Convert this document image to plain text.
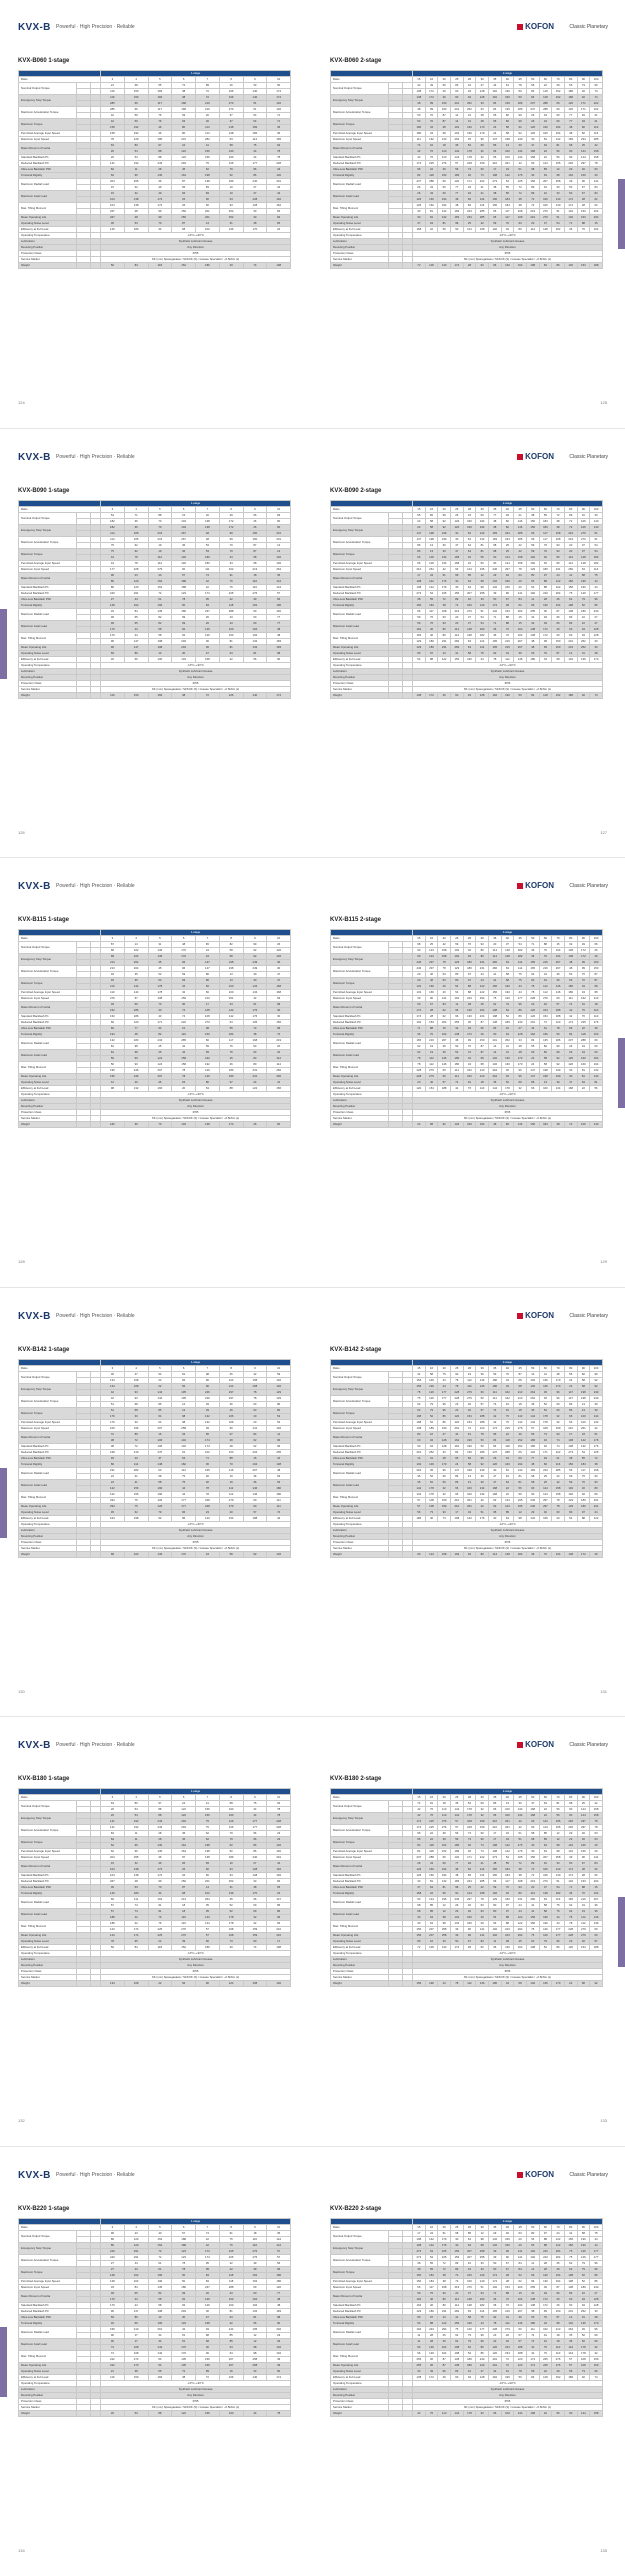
KVX-B Powerful · High Precision · Reliable	KOFON	Classic Planetary
KVX-B060 1-stage
			1-stage							
Ratio			3	4	5	6	7	8	9	10
Nominal Output Torque			21	38	55	72	89	16	33	50
			116	150	184	38	72	106	140	174
Emergency Stop Torque			116	150	184	38	72	106	140	174
			285	66	117	168	219	270	51	102
Maximum Acceleration Torque			285	66	117	168	219	270	51	102
			42	59	76	93	20	37	54	71
Maximum Torque			42	59	76	93	20	37	54	71
			158	192	46	80	114	148	182	36
Permitted Average Input Speed			158	192	46	80	114	148	182	36
Maximum Input Speed			78	129	180	231	282	63	114	165
Mass Moment of Inertia			63	80	97	24	41	58	75	92
			20	54	88	122	156	190	44	78
Standard Backlash P1			20	54	88	122	156	190	44	78
Reduced Backlash P0			141	192	243	294	75	126	177	228
Ultra-Low Backlash P00			84	11	28	45	62	79	96	23
Torsional Rigidity			62	96	130	164	198	52	86	120
Maximum Radial Load			204	255	36	87	138	189	240	291
			15	32	49	66	83	10	27	44
Maximum Axial Load			15	32	49	66	83	10	27	44
			104	138	172	26	60	94	128	162
Max. Tilting Moment			104	138	172	26	60	94	128	162
			267	48	99	150	201	252	33	84
Mean Operating Life			267	48	99	150	201	252	33	84
Operating Noise Level			36	53	70	87	14	31	48	65
Efficiency at Full Load			146	180	34	68	102	136	170	24
Operating Temperature			-10°C~+90°C							
Lubrication			Synthetic Lubricant Grease							
Mounting Position			Any Direction							
Protection Class			IP65							
Service Marker			SK (mm) Sparegaskets / SKKOK (S) / Grease Specialist / ~0.5kNm (s)							
Weight			50	84	118	152	186	40	74	108
KVX-B060 2-stage
			2-stage														
Ratio			15	16	20	25	28	30	35	40	45	50	60	70	80	90	100
Nominal Output Torque			32	49	66	83	10	27	44	61	78	95	22	39	56	73	90
			138	172	26	60	94	128	162	196	50	84	118	152	186	40	74
Emergency Stop Torque			138	172	26	60	94	128	162	196	50	84	118	152	186	40	74
			48	99	150	201	252	33	84	135	186	237	288	69	120	171	222
Maximum Acceleration Torque			48	99	150	201	252	33	84	135	186	237	288	69	120	171	222
			53	70	87	14	31	48	65	82	99	26	43	60	77	94	21
Maximum Torque			53	70	87	14	31	48	65	82	99	26	43	60	77	94	21
			180	34	68	102	136	170	24	58	92	126	160	194	48	82	116
Permitted Average Input Speed			180	34	68	102	136	170	24	58	92	126	160	194	48	82	116
Maximum Input Speed			111	162	213	264	45	96	147	198	249	30	81	132	183	234	285
Mass Moment of Inertia			74	91	18	35	52	69	86	13	30	47	64	81	98	25	42
			42	76	110	144	178	32	66	100	134	168	22	56	90	124	158
Standard Backlash P1			42	76	110	144	178	32	66	100	134	168	22	56	90	124	158
Reduced Backlash P0			174	225	276	57	108	159	210	261	42	93	144	195	246	297	78
Ultra-Low Backlash P00			95	22	39	56	73	90	17	34	51	68	85	12	29	46	63
Torsional Rigidity			84	118	152	186	40	74	108	142	176	30	64	98	132	166	20
Maximum Radial Load			237	288	69	120	171	222	273	54	105	156	207	258	39	90	141
			26	43	60	77	94	21	38	55	72	89	16	33	50	67	84
Maximum Axial Load			26	43	60	77	94	21	38	55	72	89	16	33	50	67	84
			126	160	194	48	82	116	150	184	38	72	106	140	174	28	62
Max. Tilting Moment			126	160	194	48	82	116	150	184	38	72	106	140	174	28	62
			30	81	132	183	234	285	66	117	168	219	270	51	102	153	204
Mean Operating Life			30	81	132	183	234	285	66	117	168	219	270	51	102	153	204
Operating Noise Level			47	64	81	98	25	42	59	76	93	20	37	54	71	88	15
Efficiency at Full Load			168	22	56	90	124	158	192	46	80	114	148	182	36	70	104
Operating Temperature			-10°C~+90°C														
Lubrication			Synthetic Lubricant Grease														
Mounting Position			Any Direction														
Protection Class			IP65														
Service Marker			SK (mm) Sparegaskets / SKKOK (S) / Grease Specialist / ~0.5kNm (s)														
Weight			72	106	140	174	28	62	96	130	164	198	52	86	120	154	188
124	125
KVX-B Powerful · High Precision · Reliable	KOFON	Classic Planetary
KVX-B090 1-stage
			1-stage							
Ratio			3	4	5	6	7	8	9	10
Nominal Output Torque			54	71	88	15	32	49	66	83
			182	36	70	104	138	172	26	60
Emergency Stop Torque			182	36	70	104	138	172	26	60
			114	165	216	267	48	99	150	201
Maximum Acceleration Torque			114	165	216	267	48	99	150	201
			75	92	19	36	53	70	87	14
Maximum Torque			75	92	19	36	53	70	87	14
			44	78	112	146	180	34	68	102
Permitted Average Input Speed			44	78	112	146	180	34	68	102
Maximum Input Speed			177	228	279	60	111	162	213	264
Mass Moment of Inertia			96	23	40	57	74	91	18	35
			86	120	154	188	42	76	110	144
Standard Backlash P1			86	120	154	188	42	76	110	144
Reduced Backlash P0			240	291	72	123	174	225	276	57
Ultra-Low Backlash P00			27	44	61	78	95	22	39	56
Torsional Rigidity			128	162	196	50	84	118	152	186
Maximum Radial Load			33	84	135	186	237	288	69	120
			48	65	82	99	26	43	60	77
Maximum Axial Load			48	65	82	99	26	43	60	77
			170	24	58	92	126	160	194	48
Max. Tilting Moment			170	24	58	92	126	160	194	48
			96	147	198	249	30	81	132	183
Mean Operating Life			96	147	198	249	30	81	132	183
Operating Noise Level			69	86	13	30	47	64	81	98
Efficiency at Full Load			32	66	100	134	168	22	56	90
Operating Temperature			-10°C~+90°C							
Lubrication			Synthetic Lubricant Grease							
Mounting Position			Any Direction							
Protection Class			IP65							
Service Marker			SK (mm) Sparegaskets / SKKOK (S) / Grease Specialist / ~0.5kNm (s)							
Weight			116	150	184	38	72	106	140	174
KVX-B090 2-stage
			2-stage														
Ratio			15	16	20	25	28	30	35	40	45	50	60	70	80	90	100
Nominal Output Torque			65	82	99	26	43	60	77	94	21	38	55	72	89	16	33
			24	58	92	126	160	194	48	82	116	150	184	38	72	106	140
Emergency Stop Torque			24	58	92	126	160	194	48	82	116	150	184	38	72	106	140
			147	198	249	30	81	132	183	234	285	66	117	168	219	270	51
Maximum Acceleration Torque			147	198	249	30	81	132	183	234	285	66	117	168	219	270	51
			86	13	30	47	64	81	98	25	42	59	76	93	20	37	54
Maximum Torque			86	13	30	47	64	81	98	25	42	59	76	93	20	37	54
			66	100	134	168	22	56	90	124	158	192	46	80	114	148	182
Permitted Average Input Speed			66	100	134	168	22	56	90	124	158	192	46	80	114	148	182
Maximum Input Speed			210	261	42	93	144	195	246	297	78	129	180	231	282	63	114
Mass Moment of Inertia			17	34	51	68	85	12	29	46	63	80	97	24	41	58	75
			108	142	176	30	64	98	132	166	20	54	88	122	156	190	44
Standard Backlash P1			108	142	176	30	64	98	132	166	20	54	88	122	156	190	44
Reduced Backlash P0			273	54	105	156	207	258	39	90	141	192	243	294	75	126	177
Ultra-Low Backlash P00			38	55	72	89	16	33	50	67	84	11	28	45	62	79	96
Torsional Rigidity			150	184	38	72	106	140	174	28	62	96	130	164	198	52	86
Maximum Radial Load			66	117	168	219	270	51	102	153	204	255	36	87	138	189	240
			59	76	93	20	37	54	71	88	15	32	49	66	83	10	27
Maximum Axial Load			59	76	93	20	37	54	71	88	15	32	49	66	83	10	27
			192	46	80	114	148	182	36	70	104	138	172	26	60	94	128
Max. Tilting Moment			192	46	80	114	148	182	36	70	104	138	172	26	60	94	128
			129	180	231	282	63	114	165	216	267	48	99	150	201	252	33
Mean Operating Life			129	180	231	282	63	114	165	216	267	48	99	150	201	252	33
Operating Noise Level			80	97	24	41	58	75	92	19	36	53	70	87	14	31	48
Efficiency at Full Load			54	88	122	156	190	44	78	112	146	180	34	68	102	136	170
Operating Temperature			-10°C~+90°C														
Lubrication			Synthetic Lubricant Grease														
Mounting Position			Any Direction														
Protection Class			IP65														
Service Marker			SK (mm) Sparegaskets / SKKOK (S) / Grease Specialist / ~0.5kNm (s)														
Weight			138	172	26	60	94	128	162	196	50	84	118	152	186	40	74
126	127
KVX-B Powerful · High Precision · Reliable	KOFON	Classic Planetary
KVX-B115 1-stage
			1-stage							
Ratio			3	4	5	6	7	8	9	10
Nominal Output Torque			87	14	31	48	65	82	99	26
			68	102	136	170	24	58	92	126
Emergency Stop Torque			68	102	136	170	24	58	92	126
			213	264	45	96	147	198	249	30
Maximum Acceleration Torque			213	264	45	96	147	198	249	30
			18	35	52	69	86	13	30	47
Maximum Torque			18	35	52	69	86	13	30	47
			110	144	178	32	66	100	134	168
Permitted Average Input Speed			110	144	178	32	66	100	134	168
Maximum Input Speed			276	57	108	159	210	261	42	93
Mass Moment of Inertia			39	56	73	90	17	34	51	68
			152	186	40	74	108	142	176	30
Standard Backlash P1			152	186	40	74	108	142	176	30
Reduced Backlash P0			69	120	171	222	273	54	105	156
Ultra-Low Backlash P00			60	77	94	21	38	55	72	89
Torsional Rigidity			194	48	82	116	150	184	38	72
Maximum Radial Load			132	183	234	285	66	117	168	219
			81	98	25	42	59	76	93	20
Maximum Axial Load			81	98	25	42	59	76	93	20
			56	90	124	158	192	46	80	114
Max. Tilting Moment			56	90	124	158	192	46	80	114
			195	246	297	78	129	180	231	282
Mean Operating Life			195	246	297	78	129	180	231	282
Operating Noise Level			12	29	46	63	80	97	24	41
Efficiency at Full Load			98	132	166	20	54	88	122	156
Operating Temperature			-10°C~+90°C							
Lubrication			Synthetic Lubricant Grease							
Mounting Position			Any Direction							
Protection Class			IP65							
Service Marker			SK (mm) Sparegaskets / SKKOK (S) / Grease Specialist / ~0.5kNm (s)							
Weight			182	36	70	104	138	172	26	60
KVX-B115 2-stage
			2-stage														
Ratio			15	16	20	25	28	30	35	40	45	50	60	70	80	90	100
Nominal Output Torque			98	25	42	59	76	93	20	37	54	71	88	15	32	49	66
			90	124	158	192	46	80	114	148	182	36	70	104	138	172	26
Emergency Stop Torque			90	124	158	192	46	80	114	148	182	36	70	104	138	172	26
			246	297	78	129	180	231	282	63	114	165	216	267	48	99	150
Maximum Acceleration Torque			246	297	78	129	180	231	282	63	114	165	216	267	48	99	150
			29	46	63	80	97	24	41	58	75	92	19	36	53	70	87
Maximum Torque			29	46	63	80	97	24	41	58	75	92	19	36	53	70	87
			132	166	20	54	88	122	156	190	44	78	112	146	180	34	68
Permitted Average Input Speed			132	166	20	54	88	122	156	190	44	78	112	146	180	34	68
Maximum Input Speed			39	90	141	192	243	294	75	126	177	228	279	60	111	162	213
Mass Moment of Inertia			50	67	84	11	28	45	62	79	96	23	40	57	74	91	18
			174	28	62	96	130	164	198	52	86	120	154	188	42	76	110
Standard Backlash P1			174	28	62	96	130	164	198	52	86	120	154	188	42	76	110
Reduced Backlash P0			102	153	204	255	36	87	138	189	240	291	72	123	174	225	276
Ultra-Low Backlash P00			71	88	15	32	49	66	83	10	27	44	61	78	95	22	39
Torsional Rigidity			36	70	104	138	172	26	60	94	128	162	196	50	84	118	152
Maximum Radial Load			165	216	267	48	99	150	201	252	33	84	135	186	237	288	69
			92	19	36	53	70	87	14	31	48	65	82	99	26	43	60
Maximum Axial Load			92	19	36	53	70	87	14	31	48	65	82	99	26	43	60
			78	112	146	180	34	68	102	136	170	24	58	92	126	160	194
Max. Tilting Moment			78	112	146	180	34	68	102	136	170	24	58	92	126	160	194
			228	279	60	111	162	213	264	45	96	147	198	249	30	81	132
Mean Operating Life			228	279	60	111	162	213	264	45	96	147	198	249	30	81	132
Operating Noise Level			23	40	57	74	91	18	35	52	69	86	13	30	47	64	81
Efficiency at Full Load			120	154	188	42	76	110	144	178	32	66	100	134	168	22	56
Operating Temperature			-10°C~+90°C														
Lubrication			Synthetic Lubricant Grease														
Mounting Position			Any Direction														
Protection Class			IP65														
Service Marker			SK (mm) Sparegaskets / SKKOK (S) / Grease Specialist / ~0.5kNm (s)														
Weight			24	58	92	126	160	194	48	82	116	150	184	38	72	106	140
128	129
KVX-B Powerful · High Precision · Reliable	KOFON	Classic Planetary
KVX-B142 1-stage
			1-stage							
Ratio			3	4	5	6	7	8	9	10
Nominal Output Torque			30	47	64	81	98	25	42	59
			134	168	22	56	90	124	158	192
Emergency Stop Torque			134	168	22	56	90	124	158	192
			42	93	144	195	246	297	78	129
Maximum Acceleration Torque			42	93	144	195	246	297	78	129
			51	68	85	12	29	46	63	80
Maximum Torque			51	68	85	12	29	46	63	80
			176	30	64	98	132	166	20	54
Permitted Average Input Speed			176	30	64	98	132	166	20	54
Maximum Input Speed			105	156	207	258	39	90	141	192
Mass Moment of Inertia			72	89	16	33	50	67	84	11
			38	72	106	140	174	28	62	96
Standard Backlash P1			38	72	106	140	174	28	62	96
Reduced Backlash P0			168	219	270	51	102	153	204	255
Ultra-Low Backlash P00			93	20	37	54	71	88	15	32
Torsional Rigidity			80	114	148	182	36	70	104	138
Maximum Radial Load			231	282	63	114	165	216	267	48
			24	41	58	75	92	19	36	53
Maximum Axial Load			24	41	58	75	92	19	36	53
			122	156	190	44	78	112	146	180
Max. Tilting Moment			122	156	190	44	78	112	146	180
			294	75	126	177	228	279	60	111
Mean Operating Life			294	75	126	177	228	279	60	111
Operating Noise Level			45	62	79	96	23	40	57	74
Efficiency at Full Load			164	198	52	86	120	154	188	42
Operating Temperature			-10°C~+90°C							
Lubrication			Synthetic Lubricant Grease							
Mounting Position			Any Direction							
Protection Class			IP65							
Service Marker			SK (mm) Sparegaskets / SKKOK (S) / Grease Specialist / ~0.5kNm (s)							
Weight			68	102	136	170	24	58	92	126
KVX-B142 2-stage
			2-stage														
Ratio			15	16	20	25	28	30	35	40	45	50	60	70	80	90	100
Nominal Output Torque			41	58	75	92	19	36	53	70	87	14	31	48	65	82	99
			156	190	44	78	112	146	180	34	68	102	136	170	24	58	92
Emergency Stop Torque			156	190	44	78	112	146	180	34	68	102	136	170	24	58	92
			75	126	177	228	279	60	111	162	213	264	45	96	147	198	249
Maximum Acceleration Torque			75	126	177	228	279	60	111	162	213	264	45	96	147	198	249
			62	79	96	23	40	57	74	91	18	35	52	69	86	13	30
Maximum Torque			62	79	96	23	40	57	74	91	18	35	52	69	86	13	30
			198	52	86	120	154	188	42	76	110	144	178	32	66	100	134
Permitted Average Input Speed			198	52	86	120	154	188	42	76	110	144	178	32	66	100	134
Maximum Input Speed			138	189	240	291	72	123	174	225	276	57	108	159	210	261	42
Mass Moment of Inertia			83	10	27	44	61	78	95	22	39	56	73	90	17	34	51
			60	94	128	162	196	50	84	118	152	186	40	74	108	142	176
Standard Backlash P1			60	94	128	162	196	50	84	118	152	186	40	74	108	142	176
Reduced Backlash P0			201	252	33	84	135	186	237	288	69	120	171	222	273	54	105
Ultra-Low Backlash P00			14	31	48	65	82	99	26	43	60	77	94	21	38	55	72
Torsional Rigidity			102	136	170	24	58	92	126	160	194	48	82	116	150	184	38
Maximum Radial Load			264	45	96	147	198	249	30	81	132	183	234	285	66	117	168
			35	52	69	86	13	30	47	64	81	98	25	42	59	76	93
Maximum Axial Load			35	52	69	86	13	30	47	64	81	98	25	42	59	76	93
			144	178	32	66	100	134	168	22	56	90	124	158	192	46	80
Max. Tilting Moment			144	178	32	66	100	134	168	22	56	90	124	158	192	46	80
			57	108	159	210	261	42	93	144	195	246	297	78	129	180	231
Mean Operating Life			57	108	159	210	261	42	93	144	195	246	297	78	129	180	231
Operating Noise Level			56	73	90	17	34	51	68	85	12	29	46	63	80	97	24
Efficiency at Full Load			186	40	74	108	142	176	30	64	98	132	166	20	54	88	122
Operating Temperature			-10°C~+90°C														
Lubrication			Synthetic Lubricant Grease														
Mounting Position			Any Direction														
Protection Class			IP65														
Service Marker			SK (mm) Sparegaskets / SKKOK (S) / Grease Specialist / ~0.5kNm (s)														
Weight			90	124	158	192	46	80	114	148	182	36	70	104	138	172	26
130	131
KVX-B Powerful · High Precision · Reliable	KOFON	Classic Planetary
KVX-B180 1-stage
			1-stage							
Ratio			3	4	5	6	7	8	9	10
Nominal Output Torque			63	80	97	24	41	58	75	92
			20	54	88	122	156	190	44	78
Emergency Stop Torque			20	54	88	122	156	190	44	78
			141	192	243	294	75	126	177	228
Maximum Acceleration Torque			141	192	243	294	75	126	177	228
			84	11	28	45	62	79	96	23
Maximum Torque			84	11	28	45	62	79	96	23
			62	96	130	164	198	52	86	120
Permitted Average Input Speed			62	96	130	164	198	52	86	120
Maximum Input Speed			204	255	36	87	138	189	240	291
Mass Moment of Inertia			15	32	49	66	83	10	27	44
			104	138	172	26	60	94	128	162
Standard Backlash P1			104	138	172	26	60	94	128	162
Reduced Backlash P0			267	48	99	150	201	252	33	84
Ultra-Low Backlash P00			36	53	70	87	14	31	48	65
Torsional Rigidity			146	180	34	68	102	136	170	24
Maximum Radial Load			60	111	162	213	264	45	96	147
			57	74	91	18	35	52	69	86
Maximum Axial Load			57	74	91	18	35	52	69	86
			188	42	76	110	144	178	32	66
Max. Tilting Moment			188	42	76	110	144	178	32	66
			123	174	225	276	57	108	159	210
Mean Operating Life			123	174	225	276	57	108	159	210
Operating Noise Level			78	95	22	39	56	73	90	17
Efficiency at Full Load			50	84	118	152	186	40	74	108
Operating Temperature			-10°C~+90°C							
Lubrication			Synthetic Lubricant Grease							
Mounting Position			Any Direction							
Protection Class			IP65							
Service Marker			SK (mm) Sparegaskets / SKKOK (S) / Grease Specialist / ~0.5kNm (s)							
Weight			134	168	22	56	90	124	158	192
KVX-B180 2-stage
			2-stage														
Ratio			15	16	20	25	28	30	35	40	45	50	60	70	80	90	100
Nominal Output Torque			74	91	18	35	52	69	86	13	30	47	64	81	98	25	42
			42	76	110	144	178	32	66	100	134	168	22	56	90	124	158
Emergency Stop Torque			42	76	110	144	178	32	66	100	134	168	22	56	90	124	158
			174	225	276	57	108	159	210	261	42	93	144	195	246	297	78
Maximum Acceleration Torque			174	225	276	57	108	159	210	261	42	93	144	195	246	297	78
			95	22	39	56	73	90	17	34	51	68	85	12	29	46	63
Maximum Torque			95	22	39	56	73	90	17	34	51	68	85	12	29	46	63
			84	118	152	186	40	74	108	142	176	30	64	98	132	166	20
Permitted Average Input Speed			84	118	152	186	40	74	108	142	176	30	64	98	132	166	20
Maximum Input Speed			237	288	69	120	171	222	273	54	105	156	207	258	39	90	141
Mass Moment of Inertia			26	43	60	77	94	21	38	55	72	89	16	33	50	67	84
			126	160	194	48	82	116	150	184	38	72	106	140	174	28	62
Standard Backlash P1			126	160	194	48	82	116	150	184	38	72	106	140	174	28	62
Reduced Backlash P0			30	81	132	183	234	285	66	117	168	219	270	51	102	153	204
Ultra-Low Backlash P00			47	64	81	98	25	42	59	76	93	20	37	54	71	88	15
Torsional Rigidity			168	22	56	90	124	158	192	46	80	114	148	182	36	70	104
Maximum Radial Load			93	144	195	246	297	78	129	180	231	282	63	114	165	216	267
			68	85	12	29	46	63	80	97	24	41	58	75	92	19	36
Maximum Axial Load			68	85	12	29	46	63	80	97	24	41	58	75	92	19	36
			30	64	98	132	166	20	54	88	122	156	190	44	78	112	146
Max. Tilting Moment			30	64	98	132	166	20	54	88	122	156	190	44	78	112	146
			156	207	258	39	90	141	192	243	294	75	126	177	228	279	60
Mean Operating Life			156	207	258	39	90	141	192	243	294	75	126	177	228	279	60
Operating Noise Level			89	16	33	50	67	84	11	28	45	62	79	96	23	40	57
Efficiency at Full Load			72	106	140	174	28	62	96	130	164	198	52	86	120	154	188
Operating Temperature			-10°C~+90°C														
Lubrication			Synthetic Lubricant Grease														
Mounting Position			Any Direction														
Protection Class			IP65														
Service Marker			SK (mm) Sparegaskets / SKKOK (S) / Grease Specialist / ~0.5kNm (s)														
Weight			156	190	44	78	112	146	180	34	68	102	136	170	24	58	92
132	133
KVX-B Powerful · High Precision · Reliable	KOFON	Classic Planetary
KVX-B220 1-stage
			1-stage							
Ratio			3	4	5	6	7	8	9	10
Nominal Output Torque			96	23	40	57	74	91	18	35
			86	120	154	188	42	76	110	144
Emergency Stop Torque			86	120	154	188	42	76	110	144
			240	291	72	123	174	225	276	57
Maximum Acceleration Torque			240	291	72	123	174	225	276	57
			27	44	61	78	95	22	39	56
Maximum Torque			27	44	61	78	95	22	39	56
			128	162	196	50	84	118	152	186
Permitted Average Input Speed			128	162	196	50	84	118	152	186
Maximum Input Speed			33	84	135	186	237	288	69	120
Mass Moment of Inertia			48	65	82	99	26	43	60	77
			170	24	58	92	126	160	194	48
Standard Backlash P1			170	24	58	92	126	160	194	48
Reduced Backlash P0			96	147	198	249	30	81	132	183
Ultra-Low Backlash P00			69	86	13	30	47	64	81	98
Torsional Rigidity			32	66	100	134	168	22	56	90
Maximum Radial Load			159	210	261	42	93	144	195	246
			90	17	34	51	68	85	12	29
Maximum Axial Load			90	17	34	51	68	85	12	29
			74	108	142	176	30	64	98	132
Max. Tilting Moment			74	108	142	176	30	64	98	132
			222	273	54	105	156	207	258	39
Mean Operating Life			222	273	54	105	156	207	258	39
Operating Noise Level			21	38	55	72	89	16	33	50
Efficiency at Full Load			116	150	184	38	72	106	140	174
Operating Temperature			-10°C~+90°C							
Lubrication			Synthetic Lubricant Grease							
Mounting Position			Any Direction							
Protection Class			IP65							
Service Marker			SK (mm) Sparegaskets / SKKOK (S) / Grease Specialist / ~0.5kNm (s)							
Weight			20	54	88	122	156	190	44	78
KVX-B220 2-stage
			2-stage														
Ratio			15	16	20	25	28	30	35	40	45	50	60	70	80	90	100
Nominal Output Torque			17	34	51	68	85	12	29	46	63	80	97	24	41	58	75
			108	142	176	30	64	98	132	166	20	54	88	122	156	190	44
Emergency Stop Torque			108	142	176	30	64	98	132	166	20	54	88	122	156	190	44
			273	54	105	156	207	258	39	90	141	192	243	294	75	126	177
Maximum Acceleration Torque			273	54	105	156	207	258	39	90	141	192	243	294	75	126	177
			38	55	72	89	16	33	50	67	84	11	28	45	62	79	96
Maximum Torque			38	55	72	89	16	33	50	67	84	11	28	45	62	79	96
			150	184	38	72	106	140	174	28	62	96	130	164	198	52	86
Permitted Average Input Speed			150	184	38	72	106	140	174	28	62	96	130	164	198	52	86
Maximum Input Speed			66	117	168	219	270	51	102	153	204	255	36	87	138	189	240
Mass Moment of Inertia			59	76	93	20	37	54	71	88	15	32	49	66	83	10	27
			192	46	80	114	148	182	36	70	104	138	172	26	60	94	128
Standard Backlash P1			192	46	80	114	148	182	36	70	104	138	172	26	60	94	128
Reduced Backlash P0			129	180	231	282	63	114	165	216	267	48	99	150	201	252	33
Ultra-Low Backlash P00			80	97	24	41	58	75	92	19	36	53	70	87	14	31	48
Torsional Rigidity			54	88	122	156	190	44	78	112	146	180	34	68	102	136	170
Maximum Radial Load			192	243	294	75	126	177	228	279	60	111	162	213	264	45	96
			11	28	45	62	79	96	23	40	57	74	91	18	35	52	69
Maximum Axial Load			11	28	45	62	79	96	23	40	57	74	91	18	35	52	69
			96	130	164	198	52	86	120	154	188	42	76	110	144	178	32
Max. Tilting Moment			96	130	164	198	52	86	120	154	188	42	76	110	144	178	32
			255	36	87	138	189	240	291	72	123	174	225	276	57	108	159
Mean Operating Life			255	36	87	138	189	240	291	72	123	174	225	276	57	108	159
Operating Noise Level			32	49	66	83	10	27	44	61	78	95	22	39	56	73	90
Efficiency at Full Load			138	172	26	60	94	128	162	196	50	84	118	152	186	40	74
Operating Temperature			-10°C~+90°C														
Lubrication			Synthetic Lubricant Grease														
Mounting Position			Any Direction														
Protection Class			IP65														
Service Marker			SK (mm) Sparegaskets / SKKOK (S) / Grease Specialist / ~0.5kNm (s)														
Weight			42	76	110	144	178	32	66	100	134	168	22	56	90	124	158
134	135
